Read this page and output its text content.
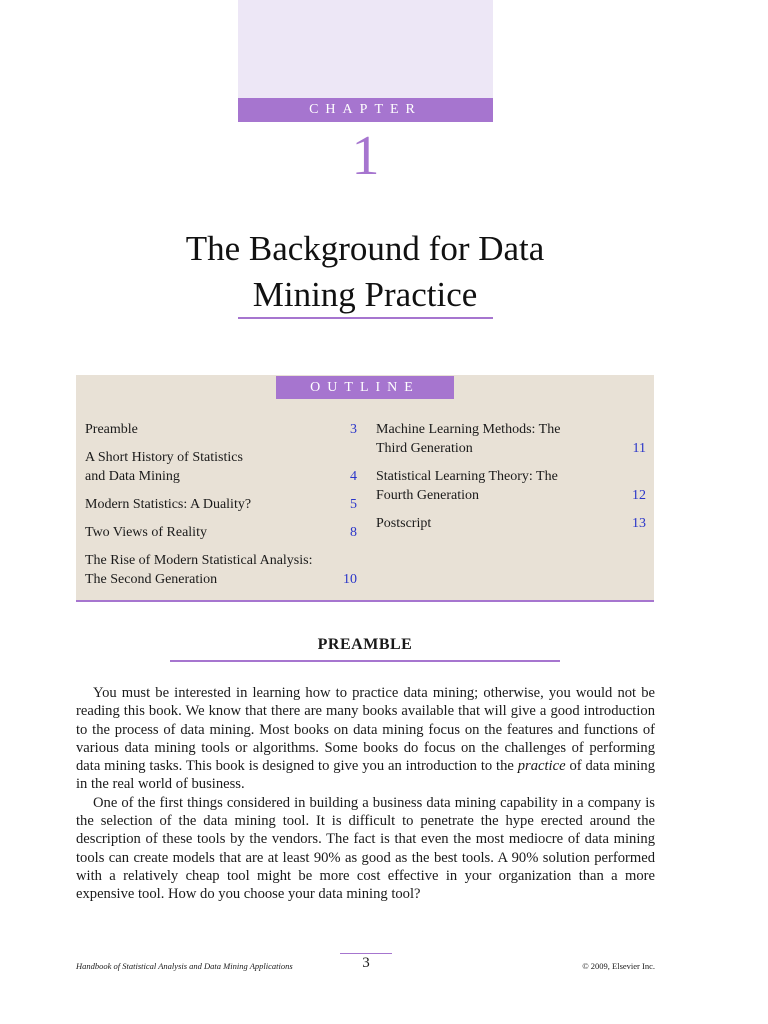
CHAPTER
1
The Background for Data
Mining Practice
OUTLINE
Preamble	3
A Short History of Statistics and Data Mining	4
Modern Statistics: A Duality?	5
Two Views of Reality	8
The Rise of Modern Statistical Analysis: The Second Generation	10
Machine Learning Methods: The Third Generation	11
Statistical Learning Theory: The Fourth Generation	12
Postscript	13
PREAMBLE

You must be interested in learning how to practice data mining; otherwise, you would not be reading this book. We know that there are many books available that will give a good introduction to the process of data mining. Most books on data mining focus on the features and functions of various data mining tools or algorithms. Some books do focus on the challenges of performing data mining tasks. This book is designed to give you an introduction to the practice of data mining in the real world of business.

One of the first things considered in building a business data mining capability in a company is the selection of the data mining tool. It is difficult to penetrate the hype erected around the description of these tools by the vendors. The fact is that even the most mediocre of data mining tools can create models that are at least 90% as good as the best tools. A 90% solution performed with a relatively cheap tool might be more cost effective in your organization than a more expensive tool. How do you choose your data mining tool?

Handbook of Statistical Analysis and Data Mining Applications	3	© 2009, Elsevier Inc.
